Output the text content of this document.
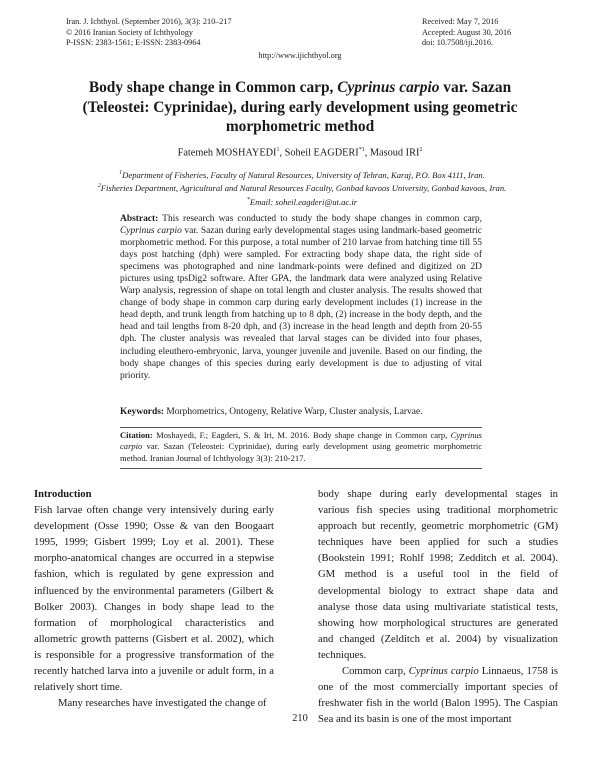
Iran. J. Ichthyol. (September 2016), 3(3): 210–217
© 2016 Iranian Society of Ichthyology
P-ISSN: 2383-1561; E-ISSN: 2383-0964
Received: May 7, 2016
Accepted: August 30, 2016
doi: 10.7508/iji.2016.
http://www.ijichthyol.org
Body shape change in Common carp, Cyprinus carpio var. Sazan
(Teleostei: Cyprinidae), during early development using geometric
morphometric method
Fatemeh MOSHAYEDI$^1$, Soheil EAGDERI$^{*1}$, Masoud IRI$^2$
$^1$Department of Fisheries, Faculty of Natural Resources, University of Tehran, Karaj, P.O. Box 4111, Iran.
$^2$Fisheries Department, Agricultural and Natural Resources Faculty, Gonbad kavoos University, Gonbad kavoos, Iran.
*Email: soheil.eagderi@ut.ac.ir
Abstract: This research was conducted to study the body shape changes in common carp, Cyprinus carpio var. Sazan during early developmental stages using landmark-based geometric morphometric method. For this purpose, a total number of 210 larvae from hatching time till 55 days post hatching (dph) were sampled. For extracting body shape data, the right side of specimens was photographed and nine landmark-points were defined and digitized on 2D pictures using tpsDig2 software. After GPA, the landmark data were analyzed using Relative Warp analysis, regression of shape on total length and cluster analysis. The results showed that change of body shape in common carp during early development includes (1) increase in the head depth, and trunk length from hatching up to 8 dph, (2) increase in the body depth, and the head and tail lengths from 8-20 dph, and (3) increase in the head length and depth from 20-55 dph. The cluster analysis was revealed that larval stages can be divided into four phases, including eleuthero-embryonic, larva, younger juvenile and juvenile. Based on our finding, the body shape changes of this species during early development is due to adjusting of vital priority.
Keywords: Morphometrics, Ontogeny, Relative Warp, Cluster analysis, Larvae.
Citation: Moshayedi, F.; Eagderi, S. & Iri, M. 2016. Body shape change in Common carp, Cyprinus carpio var. Sazan (Teleostei: Cyprinidae), during early development using geometric morphometric method. Iranian Journal of Ichthyology 3(3): 210-217.

Introduction

Fish larvae often change very intensively during early development (Osse 1990; Osse & van den Boogaart 1995, 1999; Gisbert 1999; Loy et al. 2001). These morpho-anatomical changes are occurred in a stepwise fashion, which is regulated by gene expression and influenced by the environmental parameters (Gilbert & Bolker 2003). Changes in body shape lead to the formation of morphological characteristics and allometric growth patterns (Gisbert et al. 2002), which is responsible for a progressive transformation of the recently hatched larva into a juvenile or adult form, in a relatively short time.

Many researches have investigated the change of

body shape during early developmental stages in various fish species using traditional morphometric approach but recently, geometric morphometric (GM) techniques have been applied for such a studies (Bookstein 1991; Rohlf 1998; Zedditch et al. 2004). GM method is a useful tool in the field of developmental biology to extract shape data and analyse those data using multivariate statistical tests, showing how morphological structures are generated and changed (Zelditch et al. 2004) by visualization techniques.

Common carp, Cyprinus carpio Linnaeus, 1758 is one of the most commercially important species of freshwater fish in the world (Balon 1995). The Caspian Sea and its basin is one of the most important

210
